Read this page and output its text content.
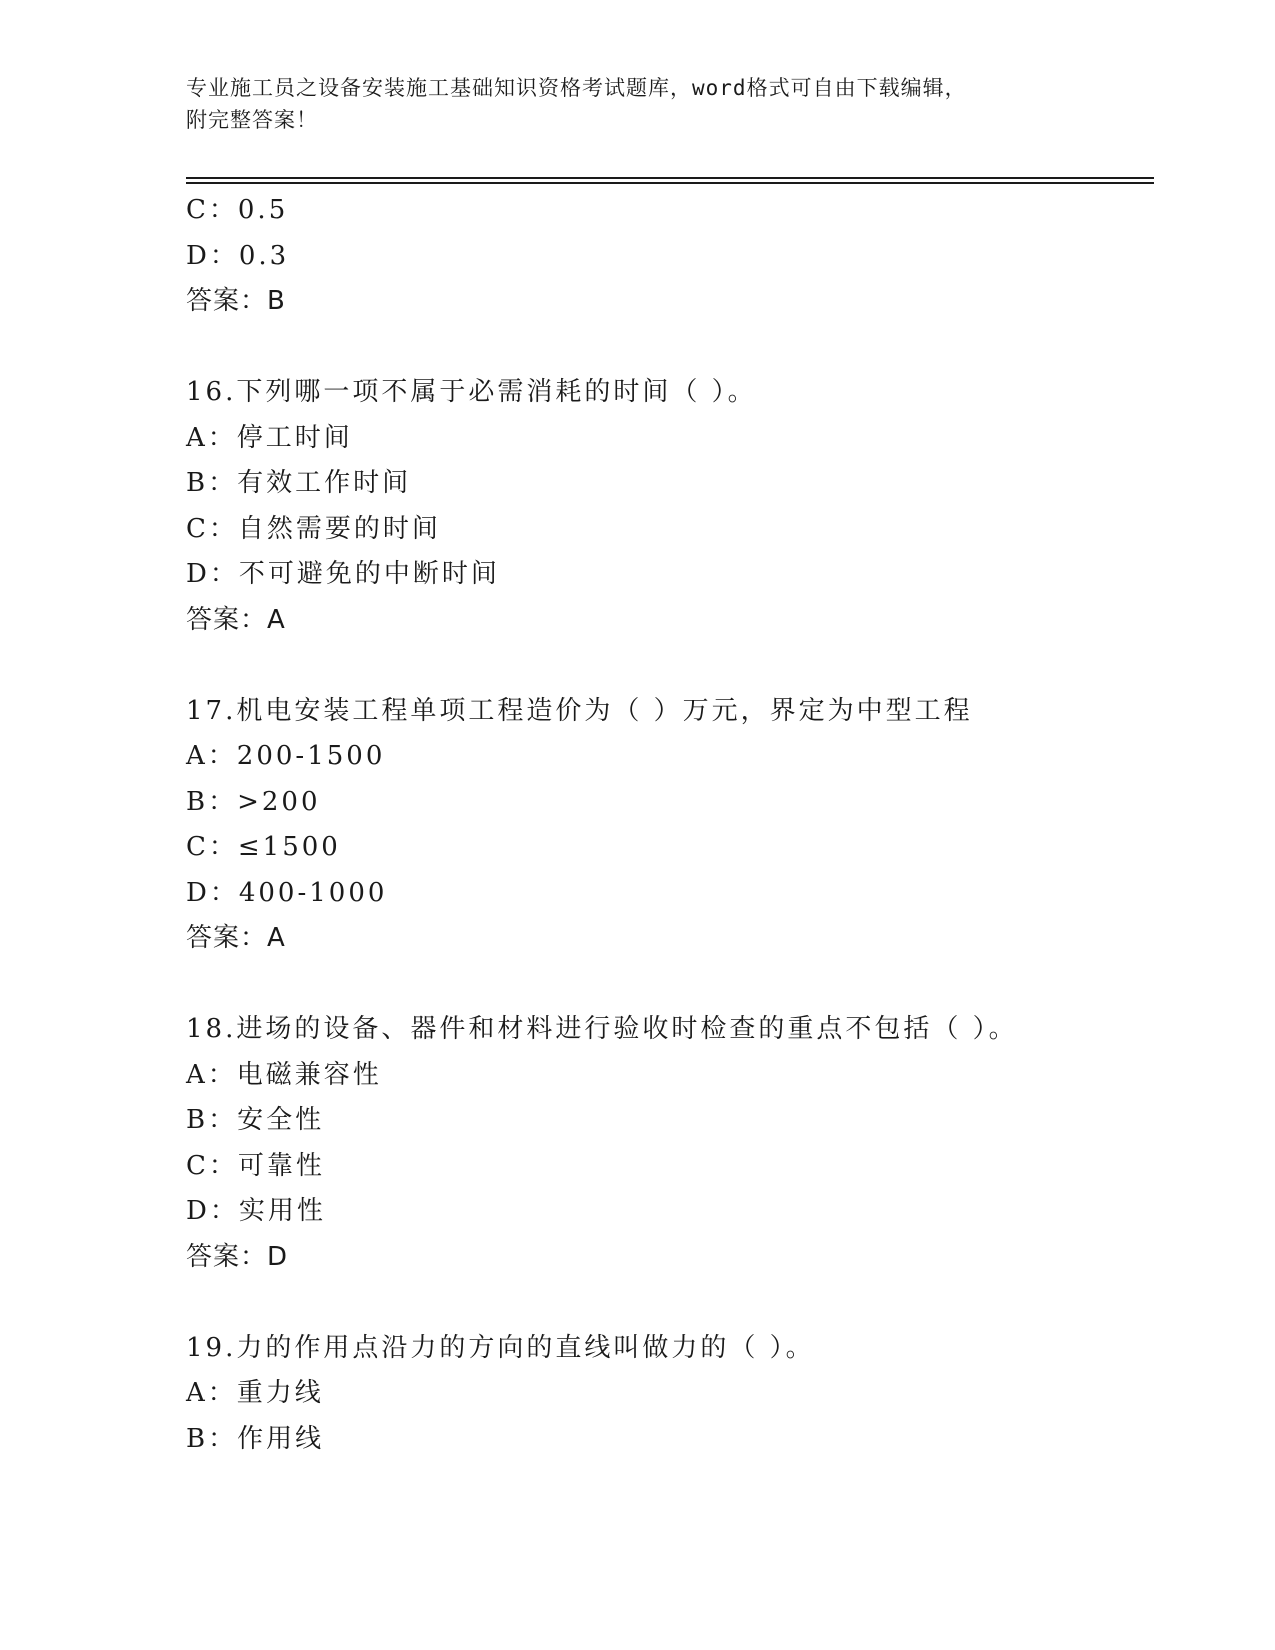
专业施工员之设备安装施工基础知识资格考试题库，word格式可自由下载编辑，
附完整答案！
C：0.5
D：0.3
答案：B
16.下列哪一项不属于必需消耗的时间（ ）。
A：停工时间
B：有效工作时间
C：自然需要的时间
D：不可避免的中断时间
答案：A
17.机电安装工程单项工程造价为（ ）万元，界定为中型工程
A：200-1500
B：>200
C：≤1500
D：400-1000
答案：A
18.进场的设备、器件和材料进行验收时检查的重点不包括（ ）。
A：电磁兼容性
B：安全性
C：可靠性
D：实用性
答案：D
19.力的作用点沿力的方向的直线叫做力的（ ）。
A：重力线
B：作用线
